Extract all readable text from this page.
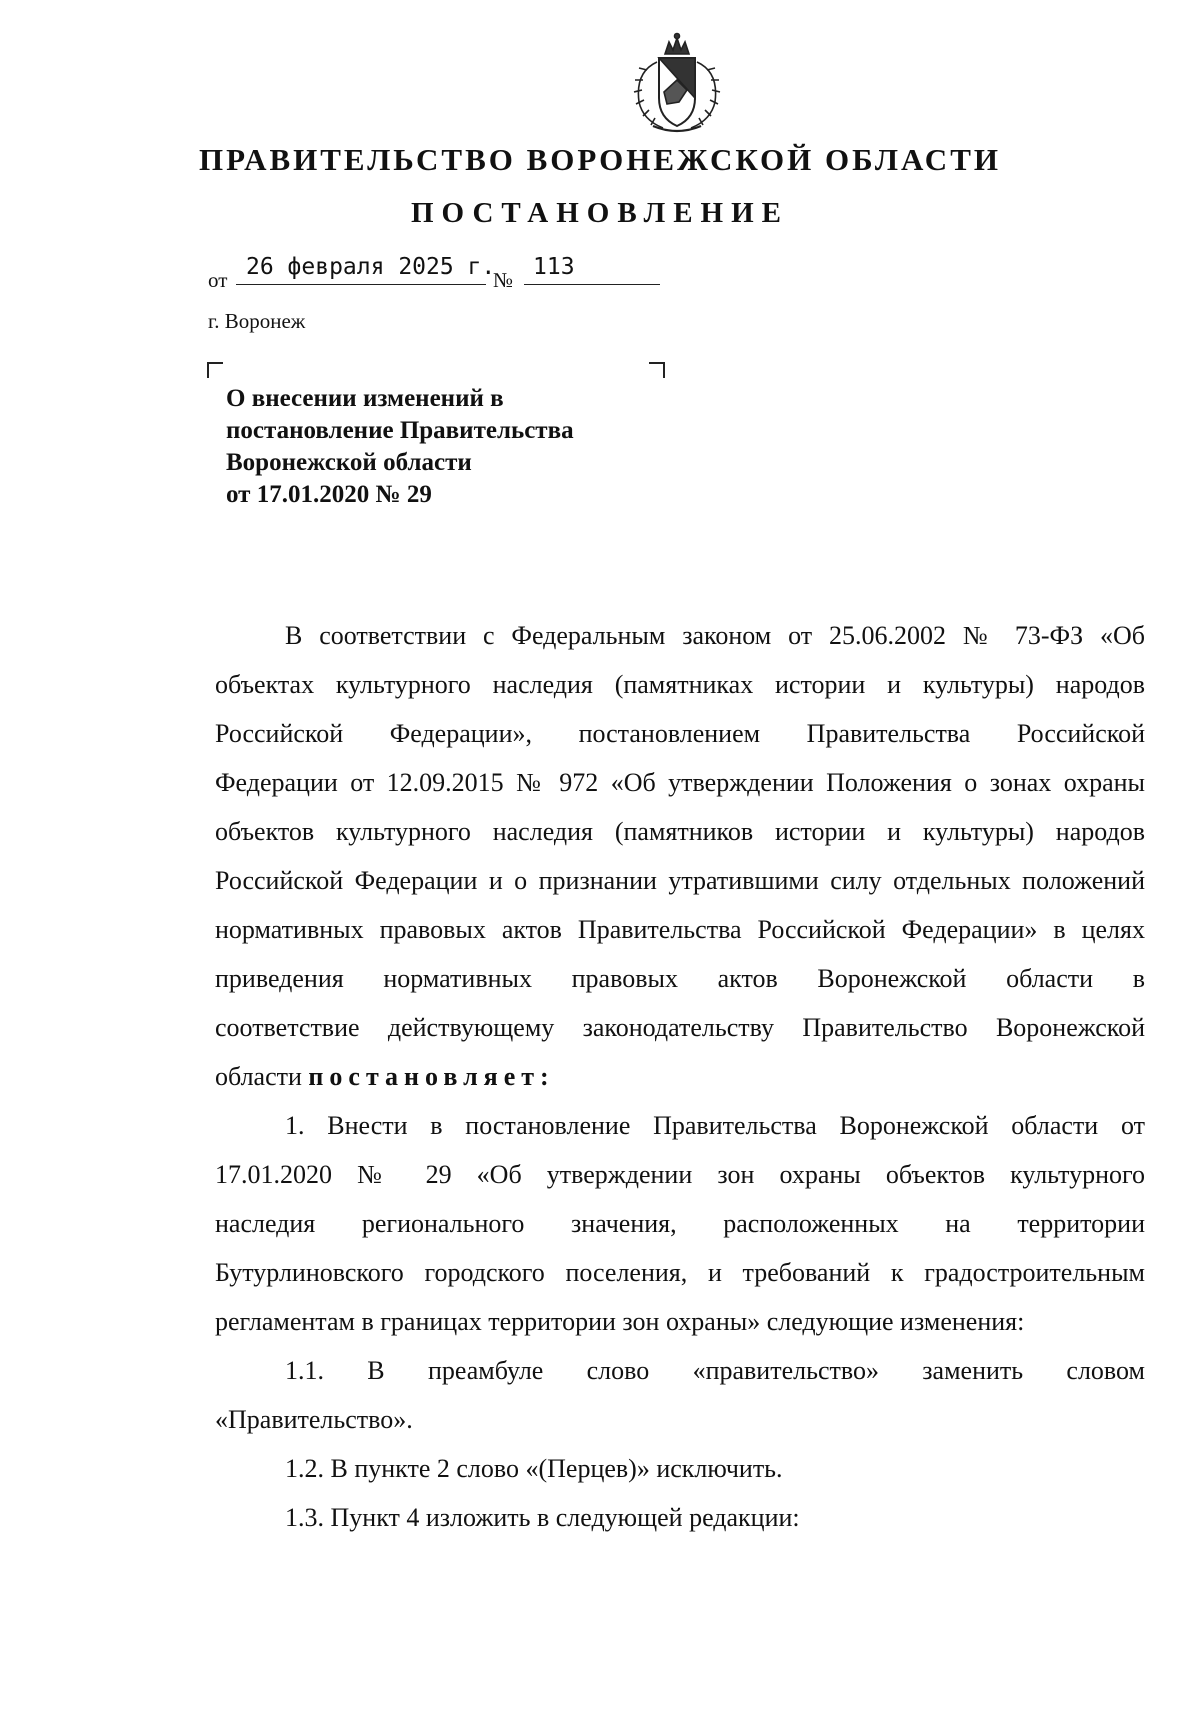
ПРАВИТЕЛЬСТВО ВОРОНЕЖСКОЙ ОБЛАСТИ
ПОСТАНОВЛЕНИЕ
от 26 февраля 2025 г.
№ 113
г. Воронеж
О внесении изменений в
постановление Правительства
Воронежской области
от 17.01.2020 № 29
В соответствии с Федеральным законом от 25.06.2002 № 73-ФЗ «Об
объектах культурного наследия (памятниках истории и культуры) народов
Российской Федерации», постановлением Правительства Российской
Федерации от 12.09.2015 № 972 «Об утверждении Положения о зонах охраны
объектов культурного наследия (памятников истории и культуры) народов
Российской Федерации и о признании утратившими силу отдельных положений
нормативных правовых актов Правительства Российской Федерации» в целях
приведения нормативных правовых актов Воронежской области в
соответствие действующему законодательству Правительство Воронежской
области постановляет:
1. Внести в постановление Правительства Воронежской области от
17.01.2020 № 29 «Об утверждении зон охраны объектов культурного
наследия регионального значения, расположенных на территории
Бутурлиновского городского поселения, и требований к градостроительным
регламентам в границах территории зон охраны» следующие изменения:
1.1. В преамбуле слово «правительство» заменить словом
«Правительство».
1.2. В пункте 2 слово «(Перцев)» исключить.
1.3. Пункт 4 изложить в следующей редакции:
